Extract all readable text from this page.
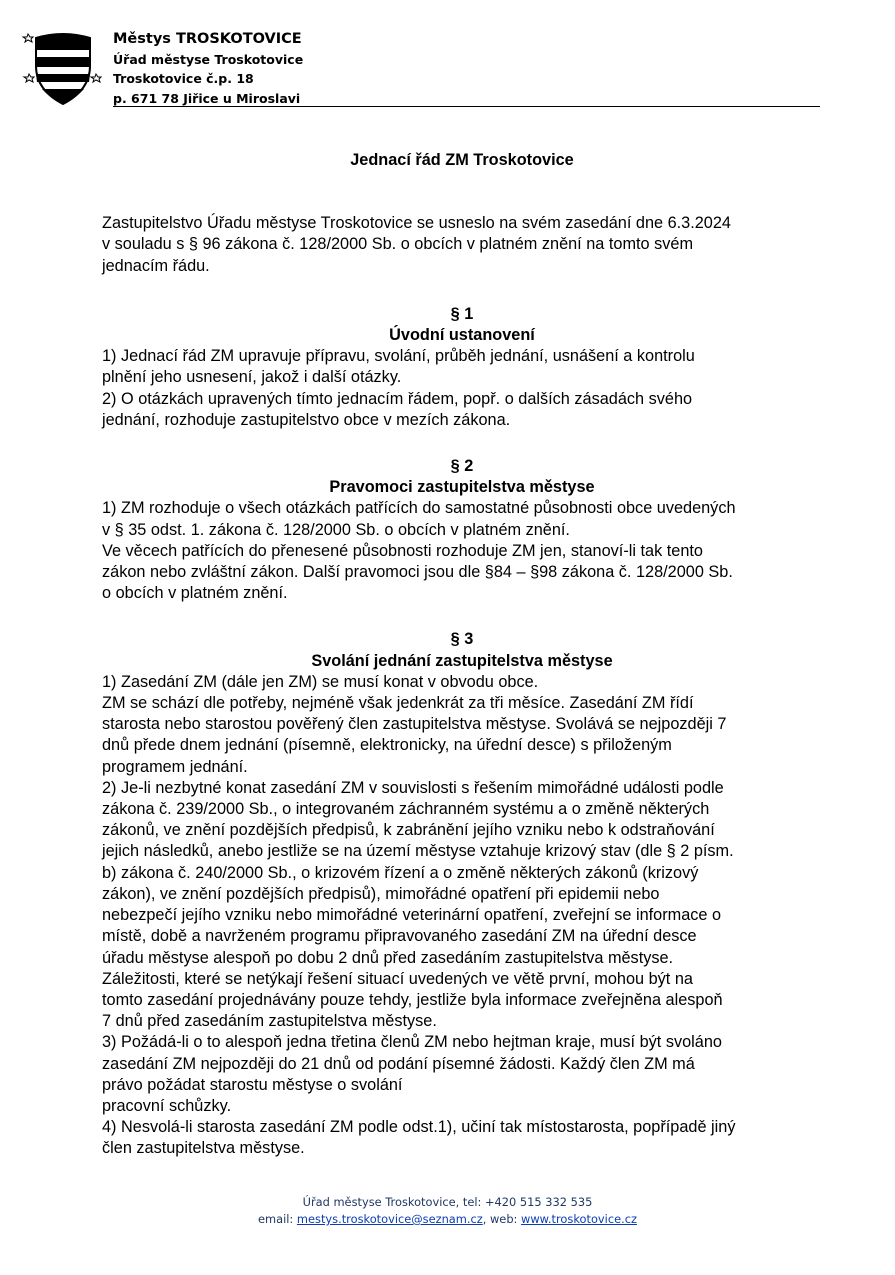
Městys TROSKOTOVICE
Úřad městyse Troskotovice
Troskotovice č.p. 18
p. 671 78 Jiřice u Miroslavi
Jednací řád ZM Troskotovice
Zastupitelstvo Úřadu městyse Troskotovice se usneslo na svém zasedání dne 6.3.2024
v souladu s § 96 zákona č. 128/2000 Sb. o obcích v platném znění na tomto svém
jednacím řádu.
§ 1
Úvodní ustanovení
1) Jednací řád ZM upravuje přípravu, svolání, průběh jednání, usnášení a kontrolu
plnění jeho usnesení, jakož i další otázky.
2) O otázkách upravených tímto jednacím řádem, popř. o dalších zásadách svého
jednání, rozhoduje zastupitelstvo obce v mezích zákona.
§ 2
Pravomoci zastupitelstva městyse
1) ZM rozhoduje o všech otázkách patřících do samostatné působnosti obce uvedených
v § 35 odst. 1. zákona č. 128/2000 Sb. o obcích v platném znění.
Ve věcech patřících do přenesené působnosti rozhoduje ZM jen, stanoví-li tak tento
zákon nebo zvláštní zákon. Další pravomoci jsou dle §84 – §98 zákona č. 128/2000 Sb.
o obcích v platném znění.
§ 3
Svolání jednání zastupitelstva městyse
1) Zasedání ZM (dále jen ZM) se musí konat v obvodu obce.
ZM se schází dle potřeby, nejméně však jedenkrát za tři měsíce. Zasedání ZM řídí
starosta nebo starostou pověřený člen zastupitelstva městyse. Svolává se nejpozději 7
dnů přede dnem jednání (písemně, elektronicky, na úřední desce) s přiloženým
programem jednání.
2) Je-li nezbytné konat zasedání ZM v souvislosti s řešením mimořádné události podle
zákona č. 239/2000 Sb., o integrovaném záchranném systému a o změně některých
zákonů, ve znění pozdějších předpisů, k zabránění jejího vzniku nebo k odstraňování
jejich následků, anebo jestliže se na území městyse vztahuje krizový stav (dle § 2 písm.
b) zákona č. 240/2000 Sb., o krizovém řízení a o změně některých zákonů (krizový
zákon), ve znění pozdějších předpisů), mimořádné opatření při epidemii nebo
nebezpečí jejího vzniku nebo mimořádné veterinární opatření, zveřejní se informace o
místě, době a navrženém programu připravovaného zasedání ZM na úřední desce
úřadu městyse alespoň po dobu 2 dnů před zasedáním zastupitelstva městyse.
Záležitosti, které se netýkají řešení situací uvedených ve větě první, mohou být na
tomto zasedání projednávány pouze tehdy, jestliže byla informace zveřejněna alespoň
7 dnů před zasedáním zastupitelstva městyse.
3) Požádá-li o to alespoň jedna třetina členů ZM nebo hejtman kraje, musí být svoláno
zasedání ZM nejpozději do 21 dnů od podání písemné žádosti. Každý člen ZM má
právo požádat starostu městyse o svolání
pracovní schůzky.
4) Nesvolá-li starosta zasedání ZM podle odst.1), učiní tak místostarosta, popřípadě jiný
člen zastupitelstva městyse.
Úřad městyse Troskotovice, tel: +420 515 332 535
email: mestys.troskotovice@seznam.cz, web: www.troskotovice.cz
